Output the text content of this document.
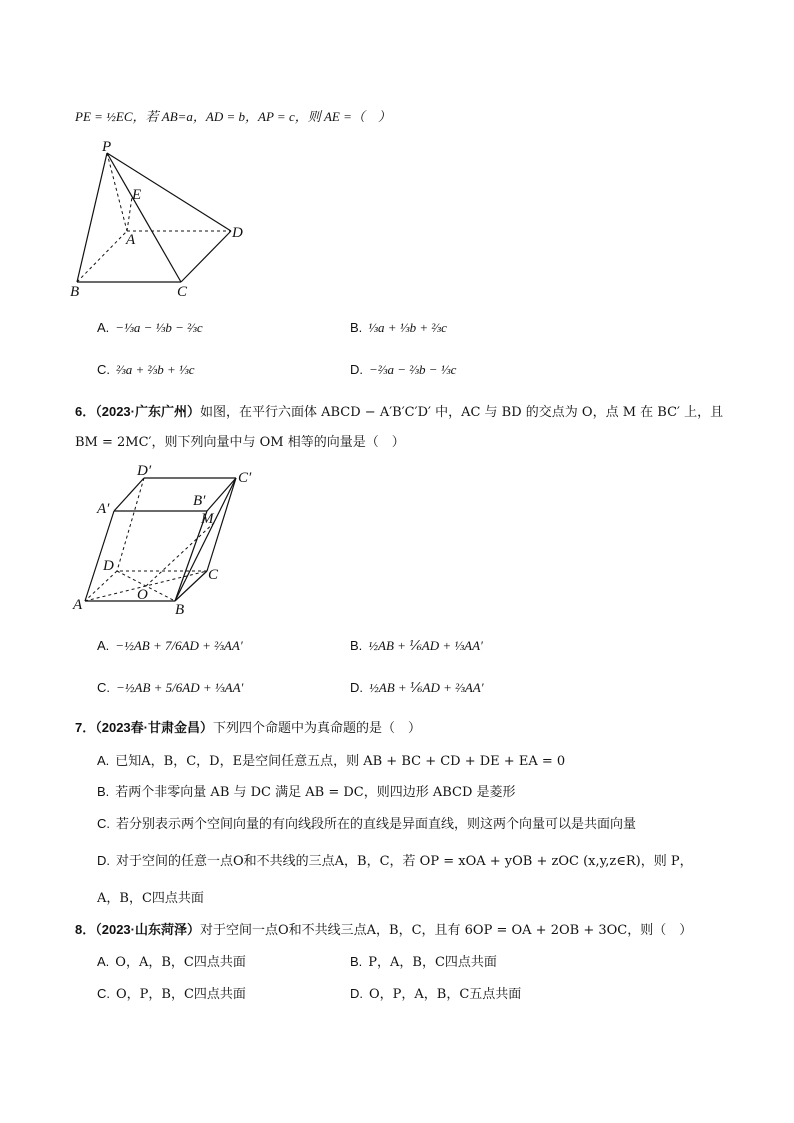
PE = ½EC，若 AB=a，AD = b，AP = c，则 AE =（　）
P
E
A	D
B	C
A. −⅓a − ⅓b − ⅔c	B. ⅓a + ⅓b + ⅔c
C. ⅔a + ⅔b + ⅓c	D. −⅔a − ⅔b − ⅓c
6．（2023·广东广州）如图，在平行六面体 ABCD − A′B′C′D′ 中，AC 与 BD 的交点为 O，点 M 在 BC′ 上，且
BM = 2MC′，则下列向量中与 OM 相等的向量是（　）
D′	C′
A′	B′
M
D
C
A
O
B
A. −½AB + 7/6AD + ⅔AA′	B. ½AB + ⅙AD + ⅓AA′
C. −½AB + 5/6AD + ⅓AA′	D. ½AB + ⅙AD + ⅔AA′
7．（2023春·甘肃金昌）下列四个命题中为真命题的是（　）
A. 已知A，B，C，D，E是空间任意五点，则 AB + BC + CD + DE + EA = 0
B. 若两个非零向量 AB 与 DC 满足 AB = DC，则四边形 ABCD 是菱形
C. 若分别表示两个空间向量的有向线段所在的直线是异面直线，则这两个向量可以是共面向量
D. 对于空间的任意一点O和不共线的三点A，B，C，若 OP = xOA + yOB + zOC (x,y,z∈R)，则 P，
A，B，C四点共面
8．（2023·山东菏泽）对于空间一点O和不共线三点A，B，C，且有 6OP = OA + 2OB + 3OC，则（　）
A. O，A，B，C四点共面	B. P，A，B，C四点共面
C. O，P，B，C四点共面	D. O，P，A，B，C五点共面
